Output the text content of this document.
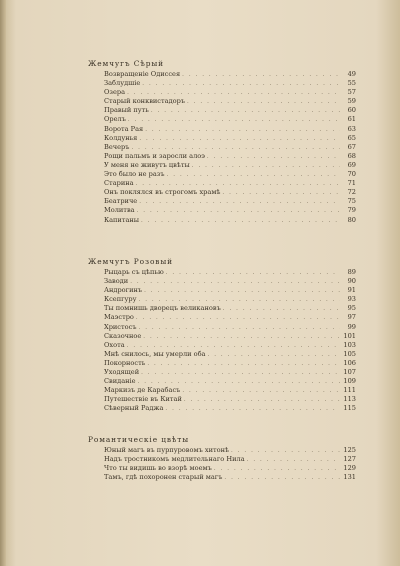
Жемчугъ Сѣрый
Возвращеніе Одиссея . . .	49
Заблудшіе . . .	55
Озера . . .	57
Старый конквистадоръ . . .	59
Правый путь . . .	60
Орелъ . . .	61
Ворота Рая . . .	63
Колдунья . . .	65
Вечеръ . . .	67
Рощи пальмъ и заросли алоэ . . .	68
У меня не живутъ цвѣты . . .	69
Это было не разъ . . .	70
Старина . . .	71
Онъ поклялся въ строгомъ храмѣ . . .	72
Беатриче . . .	75
Молитва . . .	79
Капитаны . . .	80
Жемчугъ Розовый
Рыцарь съ цѣпью . . .	89
Заводи . . .	90
Андрогинъ . . .	91
Ксепгуру . . .	93
Ты помнишь дворецъ великановъ . . .	95
Маэстро . . .	97
Христосъ . . .	99
Сказочное . . .	101
Охота . . .	103
Мнѣ снилось, мы умерли оба . . .	105
Покорность . . .	106
Уходящей . . .	107
Свиданіе . . .	109
Маркизъ де Карабасъ . . .	111
Путешествіе въ Китай . . .	113
Сѣверный Раджа . . .	115
Романтическіе цвѣты
Юный магъ въ пурпуровомъ хитонѣ . . .	125
Надъ тростникомъ медлительнаго Нила . . .	127
Что ты видишь во взорѣ моемъ . . .	129
Тамъ, гдѣ похоронен старый магъ . . .	131
